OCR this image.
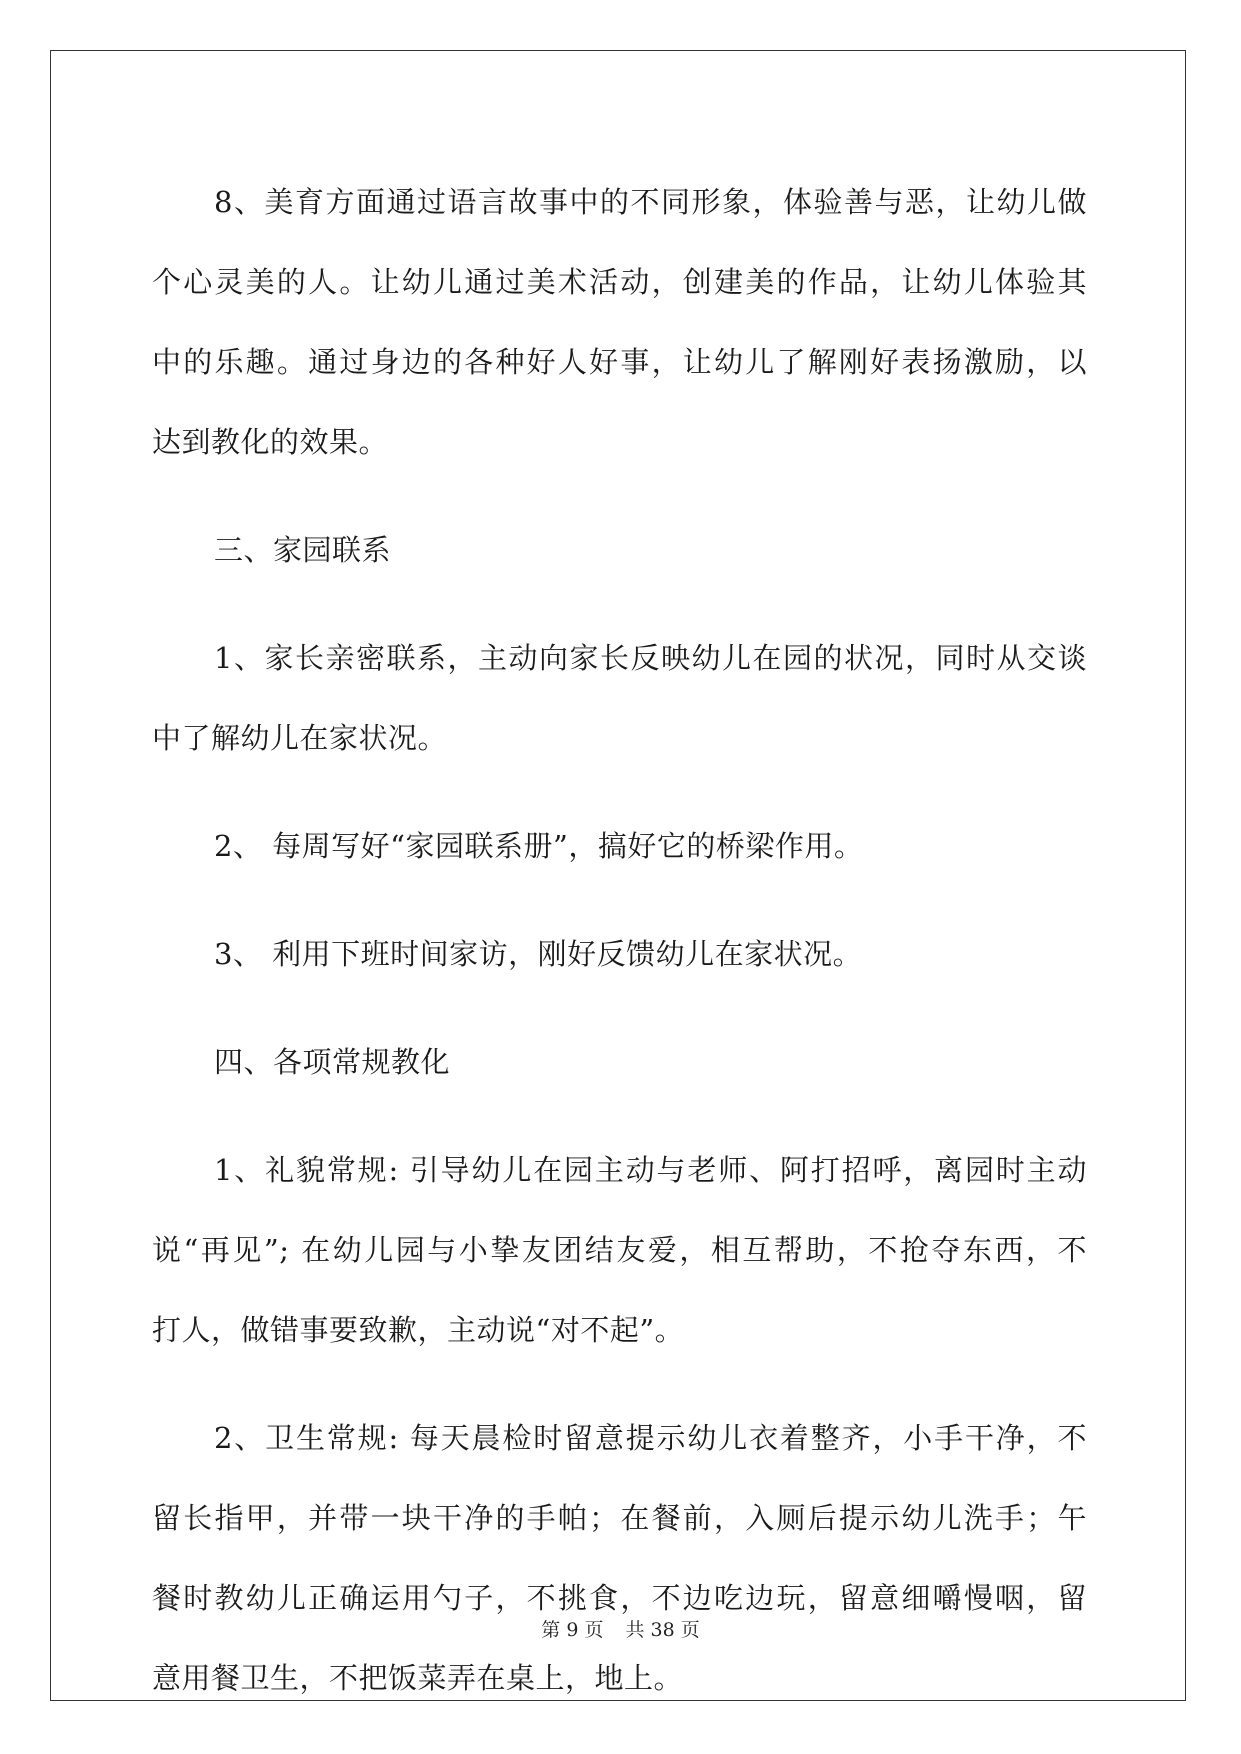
8、美育方面通过语言故事中的不同形象，体验善与恶，让幼儿做
个心灵美的人。让幼儿通过美术活动，创建美的作品，让幼儿体验其
中的乐趣。通过身边的各种好人好事，让幼儿了解刚好表扬激励，以
达到教化的效果。
三、家园联系
1、家长亲密联系，主动向家长反映幼儿在园的状况，同时从交谈
中了解幼儿在家状况。
2、 每周写好“家园联系册”，搞好它的桥梁作用。
3、 利用下班时间家访，刚好反馈幼儿在家状况。
四、各项常规教化
1、礼貌常规: 引导幼儿在园主动与老师、阿打招呼，离园时主动
说“再见”; 在幼儿园与小挚友团结友爱，相互帮助，不抢夺东西，不
打人，做错事要致歉，主动说“对不起”。
2、卫生常规: 每天晨检时留意提示幼儿衣着整齐，小手干净，不
留长指甲，并带一块干净的手帕；在餐前，入厕后提示幼儿洗手；午
餐时教幼儿正确运用勺子，不挑食，不边吃边玩，留意细嚼慢咽，留
意用餐卫生，不把饭菜弄在桌上，地上。
第 9 页 共 38 页
